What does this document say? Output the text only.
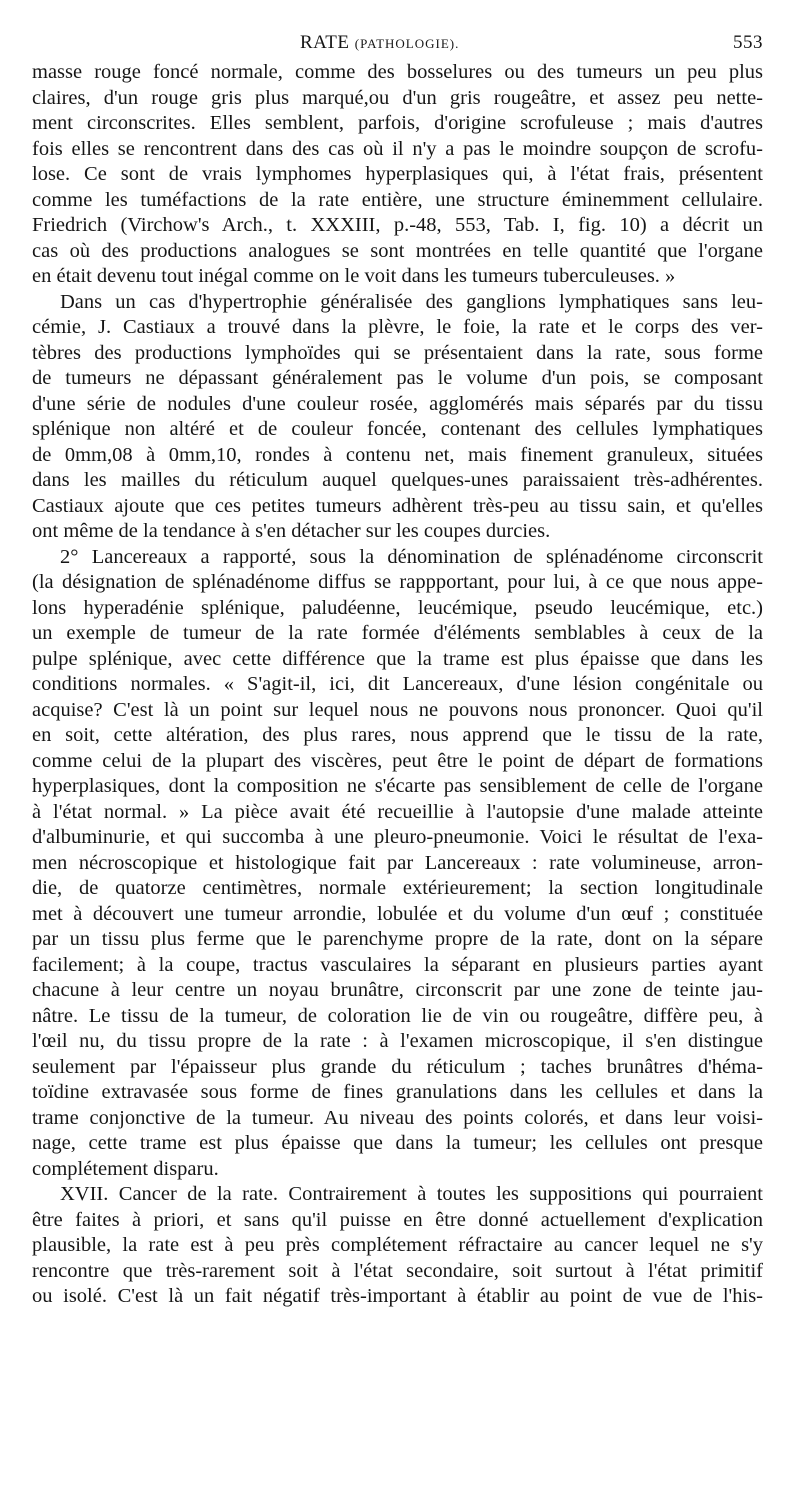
RATE (PATHOLOGIE).	553
masse rouge foncé normale, comme des bosselures ou des tumeurs un peu plus
claires, d'un rouge gris plus marqué,ou d'un gris rougeâtre, et assez peu nette-
ment circonscrites. Elles semblent, parfois, d'origine scrofuleuse ; mais d'autres
fois elles se rencontrent dans des cas où il n'y a pas le moindre soupçon de scrofu-
lose. Ce sont de vrais lymphomes hyperplasiques qui, à l'état frais, présentent
comme les tuméfactions de la rate entière, une structure éminemment cellulaire.
Friedrich (Virchow's Arch., t. XXXIII, p.-48, 553, Tab. I, fig. 10) a décrit un
cas où des productions analogues se sont montrées en telle quantité que l'organe
en était devenu tout inégal comme on le voit dans les tumeurs tuberculeuses. »
Dans un cas d'hypertrophie généralisée des ganglions lymphatiques sans leu-
cémie, J. Castiaux a trouvé dans la plèvre, le foie, la rate et le corps des ver-
tèbres des productions lymphoïdes qui se présentaient dans la rate, sous forme
de tumeurs ne dépassant généralement pas le volume d'un pois, se composant
d'une série de nodules d'une couleur rosée, agglomérés mais séparés par du tissu
splénique non altéré et de couleur foncée, contenant des cellules lymphatiques
de 0mm,08 à 0mm,10, rondes à contenu net, mais finement granuleux, situées
dans les mailles du réticulum auquel quelques-unes paraissaient très-adhérentes.
Castiaux ajoute que ces petites tumeurs adhèrent très-peu au tissu sain, et qu'elles
ont même de la tendance à s'en détacher sur les coupes durcies.
2° Lancereaux a rapporté, sous la dénomination de splénadénome circonscrit
(la désignation de splénadénome diffus se rappportant, pour lui, à ce que nous appe-
lons hyperadénie splénique, paludéenne, leucémique, pseudo leucémique, etc.)
un exemple de tumeur de la rate formée d'éléments semblables à ceux de la
pulpe splénique, avec cette différence que la trame est plus épaisse que dans les
conditions normales. « S'agit-il, ici, dit Lancereaux, d'une lésion congénitale ou
acquise? C'est là un point sur lequel nous ne pouvons nous prononcer. Quoi qu'il
en soit, cette altération, des plus rares, nous apprend que le tissu de la rate,
comme celui de la plupart des viscères, peut être le point de départ de formations
hyperplasiques, dont la composition ne s'écarte pas sensiblement de celle de l'organe
à l'état normal. » La pièce avait été recueillie à l'autopsie d'une malade atteinte
d'albuminurie, et qui succomba à une pleuro-pneumonie. Voici le résultat de l'exa-
men nécroscopique et histologique fait par Lancereaux : rate volumineuse, arron-
die, de quatorze centimètres, normale extérieurement; la section longitudinale
met à découvert une tumeur arrondie, lobulée et du volume d'un œuf ; constituée
par un tissu plus ferme que le parenchyme propre de la rate, dont on la sépare
facilement; à la coupe, tractus vasculaires la séparant en plusieurs parties ayant
chacune à leur centre un noyau brunâtre, circonscrit par une zone de teinte jau-
nâtre. Le tissu de la tumeur, de coloration lie de vin ou rougeâtre, diffère peu, à
l'œil nu, du tissu propre de la rate : à l'examen microscopique, il s'en distingue
seulement par l'épaisseur plus grande du réticulum ; taches brunâtres d'héma-
toïdine extravasée sous forme de fines granulations dans les cellules et dans la
trame conjonctive de la tumeur. Au niveau des points colorés, et dans leur voisi-
nage, cette trame est plus épaisse que dans la tumeur; les cellules ont presque
complétement disparu.
XVII. Cancer de la rate. Contrairement à toutes les suppositions qui pourraient
être faites à priori, et sans qu'il puisse en être donné actuellement d'explication
plausible, la rate est à peu près complétement réfractaire au cancer lequel ne s'y
rencontre que très-rarement soit à l'état secondaire, soit surtout à l'état primitif
ou isolé. C'est là un fait négatif très-important à établir au point de vue de l'his-
